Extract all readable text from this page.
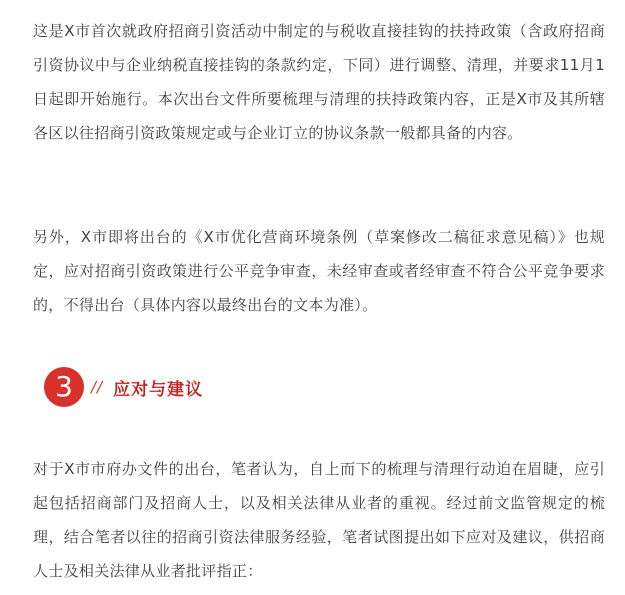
这是X市首次就政府招商引资活动中制定的与税收直接挂钩的扶持政策（含政府招商引资协议中与企业纳税直接挂钩的条款约定，下同）进行调整、清理，并要求11月1日起即开始施行。本次出台文件所要梳理与清理的扶持政策内容，正是X市及其所辖各区以往招商引资政策规定或与企业订立的协议条款一般都具备的内容。

另外，X市即将出台的《X市优化营商环境条例（草案修改二稿征求意见稿）》也规定，应对招商引资政策进行公平竞争审查，未经审查或者经审查不符合公平竞争要求的，不得出台（具体内容以最终出台的文本为准）。

3	// 应对与建议

对于X市市府办文件的出台，笔者认为，自上而下的梳理与清理行动迫在眉睫，应引起包括招商部门及招商人士，以及相关法律从业者的重视。经过前文监管规定的梳理，结合笔者以往的招商引资法律服务经验，笔者试图提出如下应对及建议，供招商人士及相关法律从业者批评指正：
